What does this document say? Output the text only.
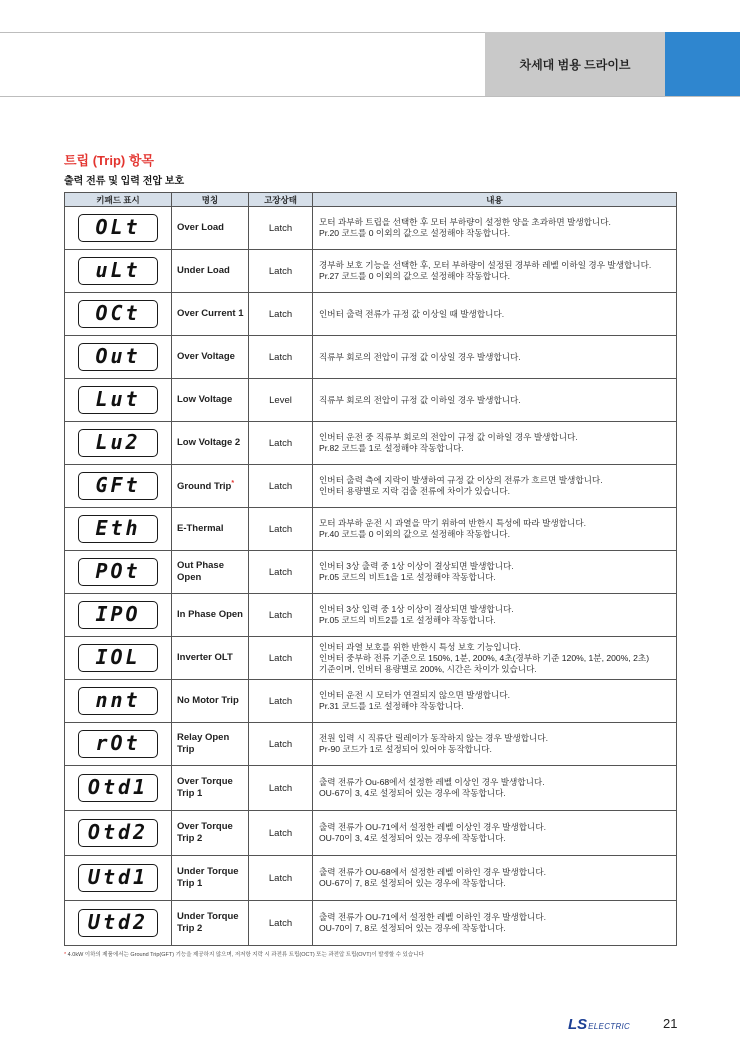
차세대 범용 드라이브
트립 (Trip) 항목
출력 전류 및 입력 전압 보호
키패드 표시	명칭	고장상태	내용
OLt	Over Load	Latch	모터 과부하 트립을 선택한 후 모터 부하량이 설정한 양을 초과하면 발생합니다.
Pr.20 코드를 0 이외의 값으로 설정해야 작동합니다.

uLt	Under Load	Latch	경부하 보호 기능을 선택한 후, 모터 부하량이 설정된 경부하 레벨 이하일 경우 발생합니다.
Pr.27 코드를 0 이외의 값으로 설정해야 작동합니다.

OCt	Over Current 1	Latch	인버터 출력 전류가 규정 값 이상일 때 발생합니다.

Out	Over Voltage	Latch	직류부 회로의 전압이 규정 값 이상일 경우 발생합니다.

Lut	Low Voltage	Level	직류부 회로의 전압이 규정 값 이하일 경우 발생합니다.

Lu2	Low Voltage 2	Latch	인버터 운전 중 직류부 회로의 전압이 규정 값 이하일 경우 발생합니다.
Pr.82 코드를 1로 설정해야 작동합니다.

GFt	Ground Trip*	Latch	인버터 출력 측에 지락이 발생하여 규정 값 이상의 전류가 흐르면 발생합니다.
인버터 용량별로 지락 검출 전류에 차이가 있습니다.

Eth	E-Thermal	Latch	모터 과부하 운전 시 과열을 막기 위하여 반한시 특성에 따라 발생합니다.
Pr.40 코드를 0 이외의 값으로 설정해야 작동합니다.

POt	Out Phase Open	Latch	인버터 3상 출력 중 1상 이상이 결상되면 발생합니다.
Pr.05 코드의 비트1을 1로 설정해야 작동합니다.

IPO	In Phase Open	Latch	인버터 3상 입력 중 1상 이상이 결상되면 발생합니다.
Pr.05 코드의 비트2를 1로 설정해야 작동합니다.

IOL	Inverter OLT	Latch	인버터 과열 보호를 위한 반한시 특성 보호 기능입니다.
인버터 중부하 전류 기준으로 150%, 1분, 200%, 4초(경부하 기준 120%, 1분, 200%, 2초)
기준이며, 인버터 용량별로 200%, 시간은 차이가 있습니다.

nnt	No Motor Trip	Latch	인버터 운전 시 모터가 연결되지 않으면 발생합니다.
Pr.31 코드를 1로 설정해야 작동합니다.

rOt	Relay Open Trip	Latch	전원 입력 시 직류단 릴레이가 동작하지 않는 경우 발생합니다.
Pr-90 코드가 1로 설정되어 있어야 동작합니다.

Otd1	Over Torque Trip 1	Latch	출력 전류가 Ou-68에서 설정한 레벨 이상인 경우 발생합니다.
OU-67이 3, 4로 설정되어 있는 경우에 작동합니다.

Otd2	Over Torque Trip 2	Latch	출력 전류가 OU-71에서 설정한 레벨 이상인 경우 발생합니다.
OU-70이 3, 4로 설정되어 있는 경우에 작동합니다.

Utd1	Under Torque Trip 1	Latch	출력 전류가 OU-68에서 설정한 레벨 이하인 경우 발생합니다.
OU-67이 7, 8로 설정되어 있는 경우에 작동합니다.

Utd2	Under Torque Trip 2	Latch	출력 전류가 OU-71에서 설정한 레벨 이하인 경우 발생합니다.
OU-70이 7, 8로 설정되어 있는 경우에 작동합니다.
* 4.0kW 이하의 제품에서는 Ground Trip(GFT) 기능을 제공하지 않으며, 저저항 지락 시 과전류 트립(OCT) 또는 과전압 트립(OVT)이 발생할 수 있습니다
LS ELECTRIC	21
